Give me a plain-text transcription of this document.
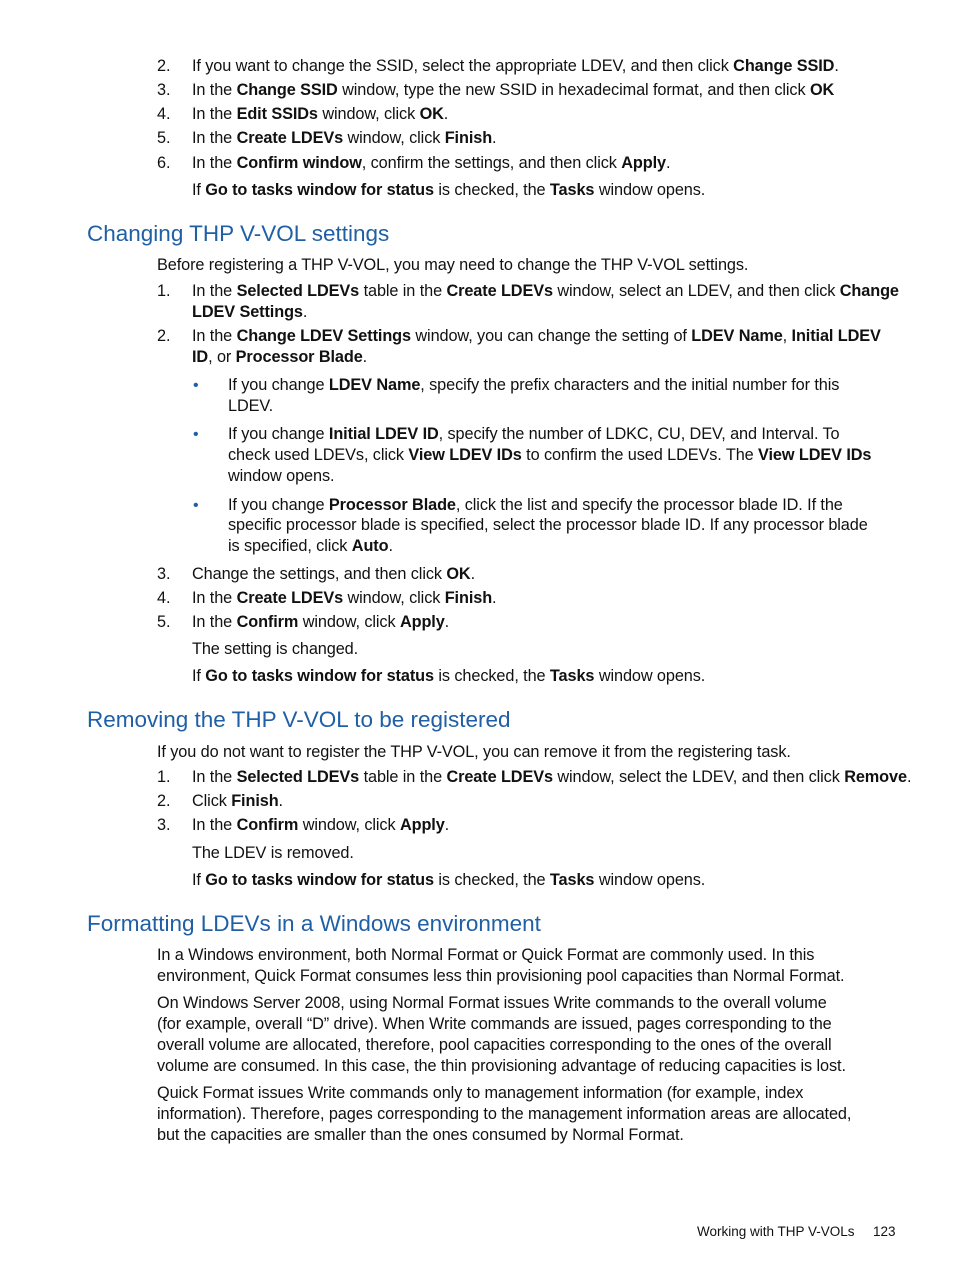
2. If you want to change the SSID, select the appropriate LDEV, and then click Change SSID.
3. In the Change SSID window, type the new SSID in hexadecimal format, and then click OK
4. In the Edit SSIDs window, click OK.
5. In the Create LDEVs window, click Finish.
6. In the Confirm window, confirm the settings, and then click Apply.
If Go to tasks window for status is checked, the Tasks window opens.
Changing THP V-VOL settings
Before registering a THP V-VOL, you may need to change the THP V-VOL settings.
1. In the Selected LDEVs table in the Create LDEVs window, select an LDEV, and then click Change
LDEV Settings.
2. In the Change LDEV Settings window, you can change the setting of LDEV Name, Initial LDEV
ID, or Processor Blade.
• If you change LDEV Name, specify the prefix characters and the initial number for this
LDEV.
• If you change Initial LDEV ID, specify the number of LDKC, CU, DEV, and Interval. To
check used LDEVs, click View LDEV IDs to confirm the used LDEVs. The View LDEV IDs
window opens.
• If you change Processor Blade, click the list and specify the processor blade ID. If the
specific processor blade is specified, select the processor blade ID. If any processor blade
is specified, click Auto.
3. Change the settings, and then click OK.
4. In the Create LDEVs window, click Finish.
5. In the Confirm window, click Apply.
The setting is changed.
If Go to tasks window for status is checked, the Tasks window opens.
Removing the THP V-VOL to be registered
If you do not want to register the THP V-VOL, you can remove it from the registering task.
1. In the Selected LDEVs table in the Create LDEVs window, select the LDEV, and then click Remove.
2. Click Finish.
3. In the Confirm window, click Apply.
The LDEV is removed.
If Go to tasks window for status is checked, the Tasks window opens.
Formatting LDEVs in a Windows environment
In a Windows environment, both Normal Format or Quick Format are commonly used. In this
environment, Quick Format consumes less thin provisioning pool capacities than Normal Format.
On Windows Server 2008, using Normal Format issues Write commands to the overall volume
(for example, overall “D” drive). When Write commands are issued, pages corresponding to the
overall volume are allocated, therefore, pool capacities corresponding to the ones of the overall
volume are consumed. In this case, the thin provisioning advantage of reducing capacities is lost.
Quick Format issues Write commands only to management information (for example, index
information). Therefore, pages corresponding to the management information areas are allocated,
but the capacities are smaller than the ones consumed by Normal Format.
Working with THP V-VOLs 123
